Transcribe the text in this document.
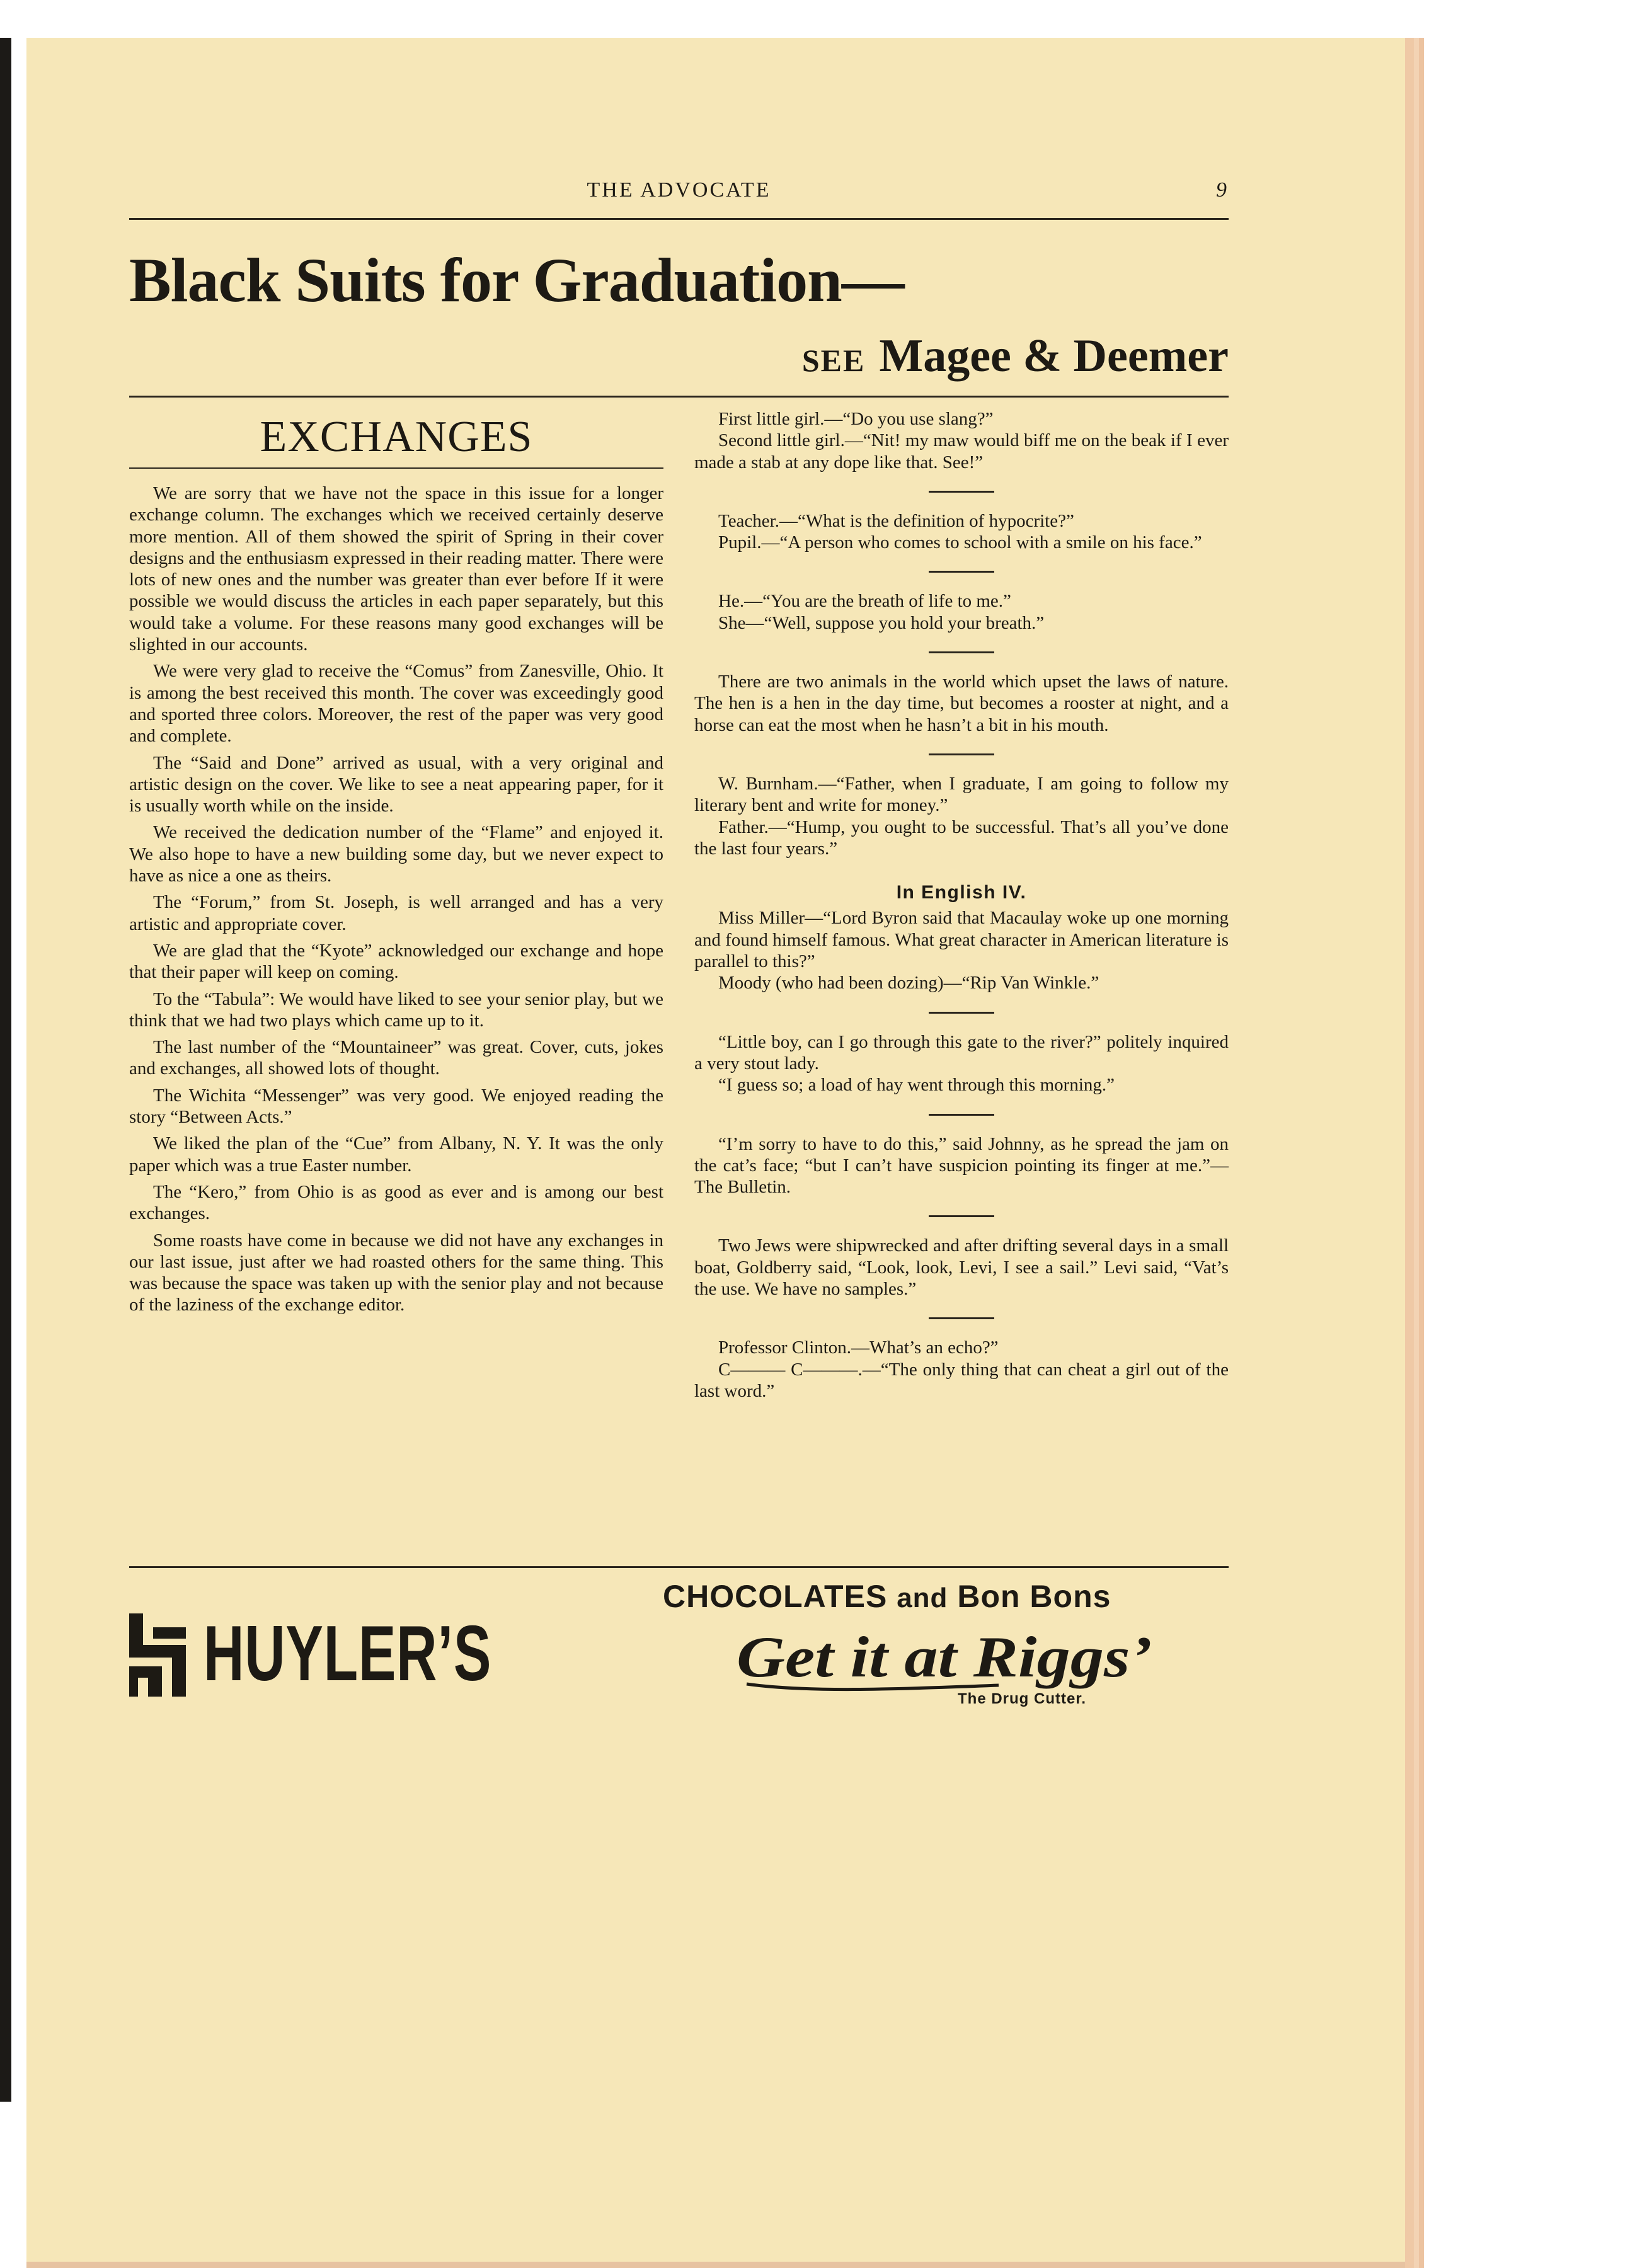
THE ADVOCATE	9
Black Suits for Graduation—
SEE Magee & Deemer
EXCHANGES

We are sorry that we have not the space in this issue for a longer exchange column. The exchanges which we received certainly deserve more mention. All of them showed the spirit of Spring in their cover designs and the enthusiasm expressed in their reading matter. There were lots of new ones and the number was greater than ever before If it were possible we would discuss the articles in each paper separately, but this would take a volume. For these reasons many good exchanges will be slighted in our accounts.

We were very glad to receive the “Comus” from Zanesville, Ohio. It is among the best received this month. The cover was exceedingly good and sported three colors. Moreover, the rest of the paper was very good and complete.

The “Said and Done” arrived as usual, with a very original and artistic design on the cover. We like to see a neat appearing paper, for it is usually worth while on the inside.

We received the dedication number of the “Flame” and enjoyed it. We also hope to have a new building some day, but we never expect to have as nice a one as theirs.

The “Forum,” from St. Joseph, is well arranged and has a very artistic and appropriate cover.

We are glad that the “Kyote” acknowledged our exchange and hope that their paper will keep on coming.

To the “Tabula”: We would have liked to see your senior play, but we think that we had two plays which came up to it.

The last number of the “Mountaineer” was great. Cover, cuts, jokes and exchanges, all showed lots of thought.

The Wichita “Messenger” was very good. We enjoyed reading the story “Between Acts.”

We liked the plan of the “Cue” from Albany, N. Y. It was the only paper which was a true Easter number.

The “Kero,” from Ohio is as good as ever and is among our best exchanges.

Some roasts have come in because we did not have any exchanges in our last issue, just after we had roasted others for the same thing. This was because the space was taken up with the senior play and not because of the laziness of the exchange editor.

First little girl.—“Do you use slang?”

Second little girl.—“Nit! my maw would biff me on the beak if I ever made a stab at any dope like that. See!”

Teacher.—“What is the definition of hypocrite?”

Pupil.—“A person who comes to school with a smile on his face.”

He.—“You are the breath of life to me.”

She—“Well, suppose you hold your breath.”

There are two animals in the world which upset the laws of nature. The hen is a hen in the day time, but becomes a rooster at night, and a horse can eat the most when he hasn’t a bit in his mouth.

W. Burnham.—“Father, when I graduate, I am going to follow my literary bent and write for money.”

Father.—“Hump, you ought to be successful. That’s all you’ve done the last four years.”

In English IV.

Miss Miller—“Lord Byron said that Macaulay woke up one morning and found himself famous. What great character in American literature is parallel to this?”

Moody (who had been dozing)—“Rip Van Winkle.”

“Little boy, can I go through this gate to the river?” politely inquired a very stout lady.

“I guess so; a load of hay went through this morning.”

“I’m sorry to have to do this,” said Johnny, as he spread the jam on the cat’s face; “but I can’t have suspicion pointing its finger at me.”—The Bulletin.

Two Jews were shipwrecked and after drifting several days in a small boat, Goldberry said, “Look, look, Levi, I see a sail.” Levi said, “Vat’s the use. We have no samples.”

Professor Clinton.—What’s an echo?”

C——— C———.—“The only thing that can cheat a girl out of the last word.”

HUYLER’S
CHOCOLATES and Bon Bons
Get it at Riggs’
The Drug Cutter.
